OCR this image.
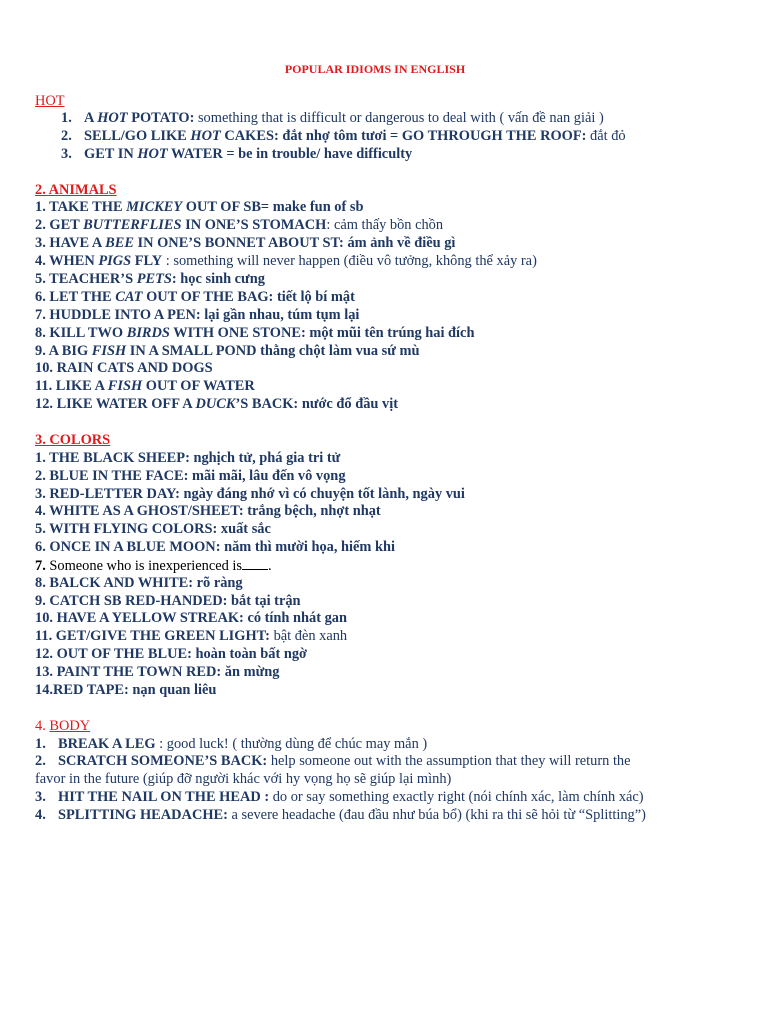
POPULAR IDIOMS IN ENGLISH
HOT
1. A HOT POTATO: something that is difficult or dangerous to deal with ( vấn đề nan giải )
2. SELL/GO LIKE HOT CAKES: đắt nhợ tôm tươi = GO THROUGH THE ROOF: đắt đỏ
3. GET IN HOT WATER = be in trouble/ have difficulty
2. ANIMALS
1. TAKE THE MICKEY OUT OF SB= make fun of sb
2. GET BUTTERFLIES IN ONE’S STOMACH: cảm thấy bồn chồn
3. HAVE A BEE IN ONE’S BONNET ABOUT ST: ám ảnh về điều gì
4. WHEN PIGS FLY : something will never happen (điều vô tưởng, không thể xảy ra)
5. TEACHER’S PETS: học sinh cưng
6. LET THE CAT OUT OF THE BAG: tiết lộ bí mật
7. HUDDLE INTO A PEN: lại gần nhau, túm tụm lại
8. KILL TWO BIRDS WITH ONE STONE: một mũi tên trúng hai đích
9. A BIG FISH IN A SMALL POND thằng chột làm vua sứ mù
10. RAIN CATS AND DOGS
11. LIKE A FISH OUT OF WATER
12. LIKE WATER OFF A DUCK’S BACK: nước đổ đầu vịt
3. COLORS
1. THE BLACK SHEEP: nghịch tử, phá gia tri tử
2. BLUE IN THE FACE: mãi mãi, lâu đến vô vọng
3. RED-LETTER DAY: ngày đáng nhớ vì có chuyện tốt lành, ngày vui
4. WHITE AS A GHOST/SHEET: trắng bệch, nhợt nhạt
5. WITH FLYING COLORS: xuất sắc
6. ONCE IN A BLUE MOON: năm thì mười họa, hiếm khi
7. Someone who is inexperienced is .
8. BALCK AND WHITE: rõ ràng
9. CATCH SB RED-HANDED: bắt tại trận
10. HAVE A YELLOW STREAK: có tính nhát gan
11. GET/GIVE THE GREEN LIGHT: bật đèn xanh
12. OUT OF THE BLUE: hoàn toàn bất ngờ
13. PAINT THE TOWN RED: ăn mừng
14.RED TAPE: nạn quan liêu
4. BODY
1. BREAK A LEG : good luck! ( thường dùng để chúc may mắn )
2. SCRATCH SOMEONE’S BACK: help someone out with the assumption that they will return the
favor in the future (giúp đỡ người khác với hy vọng họ sẽ giúp lại mình)
3. HIT THE NAIL ON THE HEAD : do or say something exactly right (nói chính xác, làm chính xác)
4. SPLITTING HEADACHE: a severe headache (đau đầu như búa bổ) (khi ra thi sẽ hỏi từ “Splitting”)
